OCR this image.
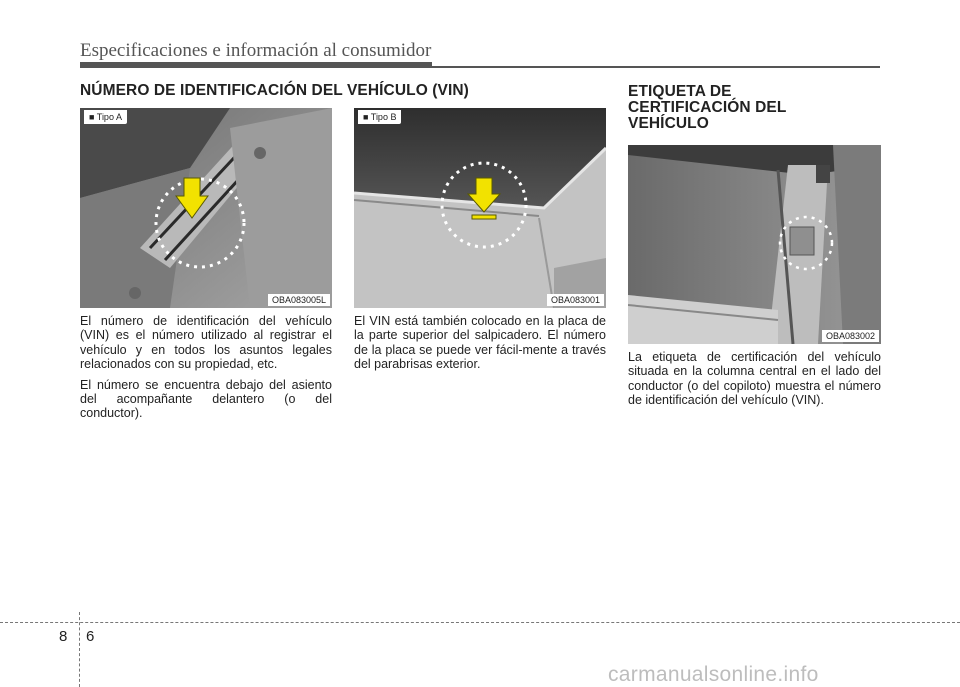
Especificaciones e información al consumidor
NÚMERO DE IDENTIFICACIÓN DEL VEHÍCULO (VIN)	ETIQUETA DE
CERTIFICACIÓN DEL
VEHÍCULO
■ Tipo A
OBA083005L
■ Tipo B
OBA083001
OBA083002

El número de identificación del vehículo (VIN) es el número utilizado al registrar el vehículo y en todos los asuntos legales relacionados con su propiedad, etc.

El número se encuentra debajo del asiento del acompañante delantero (o del conductor).

El VIN está también colocado en la placa de la parte superior del salpicadero. El número de la placa se puede ver fácil-mente a través del parabrisas exterior.

La etiqueta de certificación del vehículo situada en la columna central en el lado del conductor (o del copiloto) muestra el número de identificación del vehículo (VIN).

8 6
carmanualsonline.info
